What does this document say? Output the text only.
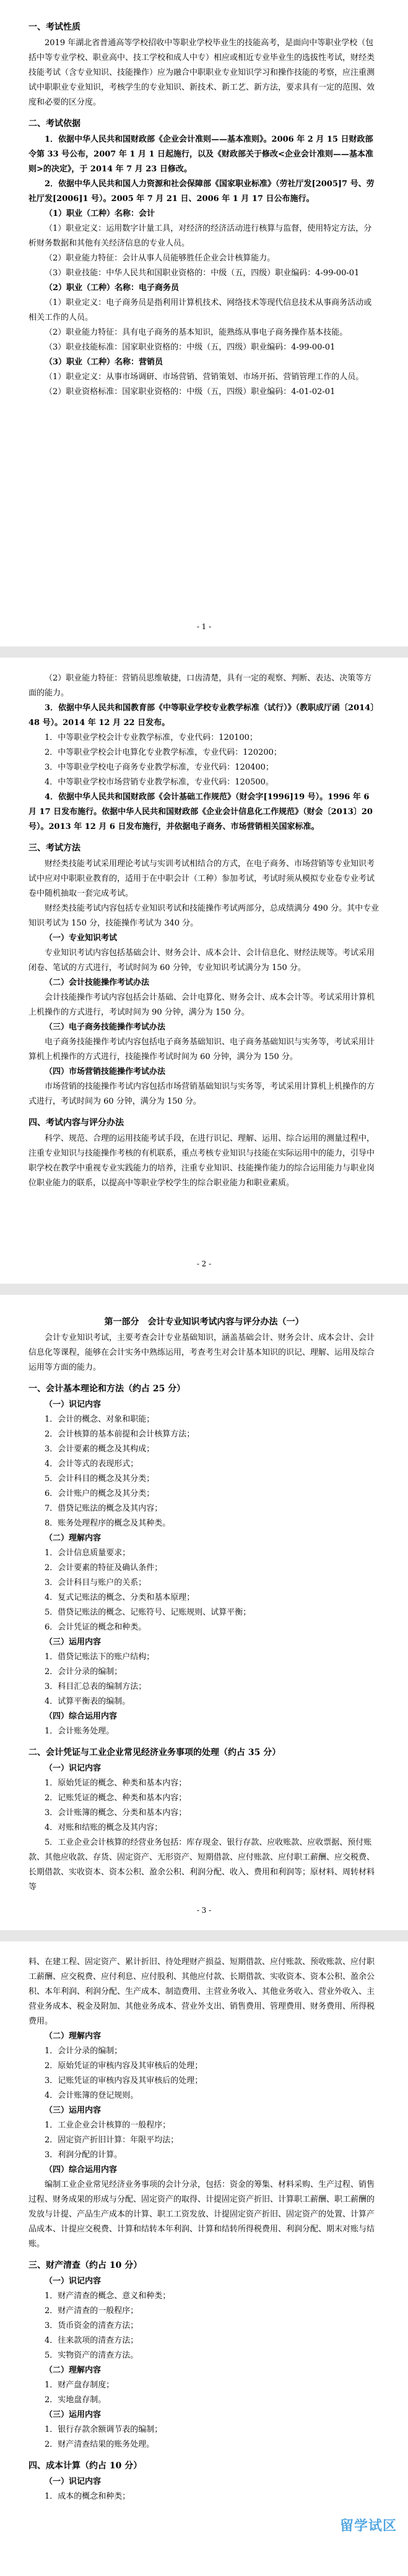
一、考试性质

2019 年湖北省普通高等学校招收中等职业学校毕业生的技能高考，是面向中等职业学校（包括中等专业学校、职业高中、技工学校和成人中专）相应或相近专业毕业生的选拔性考试，财经类技能考试（含专业知识、技能操作）应为融合中职职业专业知识学习和操作技能的考察，应注重测试中职职业专业知识，考核学生的专业知识、新技术、新工艺、新方法，要求具有一定的范围、效度和必要的区分度。

二、考试依据

1．依据中华人民共和国财政部《企业会计准则——基本准则》。2006 年 2 月 15 日财政部令第 33 号公布，2007 年 1 月 1 日起施行，以及《财政部关于修改<企业会计准则——基本准则>的决定》，于 2014 年 7 月 23 日修改。

2．依据中华人民共和国人力资源和社会保障部《国家职业标准》（劳社厅发[2005]7 号、劳社厅发[2006]1 号）。2005 年 7 月 21 日、2006 年 1 月 17 日公布施行。

（1）职业（工种）名称：会计

（1）职业定义：运用数字计量工具，对经济的经济活动进行核算与监督，使用特定方法，分析财务数据和其他有关经济信息的专业人员。

（2）职业能力特征：会计从事人员能够胜任企业会计核算能力。

（3）职业技能：中华人民共和国职业资格的：中级（五，四级）职业编码：4-99-00-01

（2）职业（工种）名称：电子商务员

（1）职业定义：电子商务员是指利用计算机技术、网络技术等现代信息技术从事商务活动或相关工作的人员。

（2）职业能力特征：具有电子商务的基本知识，能熟练从事电子商务操作基本技能。

（3）职业技能标准：国家职业资格的：中级（五，四级）职业编码：4-99-00-01

（3）职业（工种）名称：营销员

（1）职业定义：从事市场调研、市场营销、营销策划、市场开拓、营销管理工作的人员。

（2）职业资格标准：国家职业资格的：中级（五，四级）职业编码：4-01-02-01

- 1 -

（2）职业能力特征：营销员思维敏捷，口齿清楚，具有一定的观察、判断、表达、决策等方面的能力。

3．依据中华人民共和国教育部《中等职业学校专业教学标准（试行）》（教职成厅函〔2014〕48 号）。2014 年 12 月 22 日发布。

1．中等职业学校会计专业教学标准，专业代码：120100；

2．中等职业学校会计电算化专业教学标准，专业代码：120200；

3．中等职业学校电子商务专业教学标准，专业代码：120400；

4．中等职业学校市场营销专业教学标准，专业代码：120500。

4．依据中华人民共和国财政部《会计基础工作规范》（财会字[1996]19 号）。1996 年 6 月 17 日发布施行。依据中华人民共和国财政部《企业会计信息化工作规范》（财会〔2013〕20 号）。2013 年 12 月 6 日发布施行，并依据电子商务、市场营销相关国家标准。

三、考试方法

财经类技能考试采用理论考试与实训考试相结合的方式，在电子商务、市场营销等专业知识考试中应对中职职业教育的，适用于在中职会计（工种）参加考试，考试时须从模拟专业卷专业考试卷中随机抽取一套完成考试。

财经类技能考试内容包括专业知识考试和技能操作考试两部分，总成绩满分 490 分。其中专业知识考试为 150 分，技能操作考试为 340 分。

（一）专业知识考试

专业知识考试内容包括基础会计、财务会计、成本会计、会计信息化、财经法规等。考试采用闭卷、笔试的方式进行，考试时间为 60 分钟，专业知识考试满分为 150 分。

（二）会计技能操作考试办法

会计技能操作考试内容包括会计基础、会计电算化、财务会计、成本会计等。考试采用计算机上机操作的方式进行，考试时间为 90 分钟，满分为 150 分。

（三）电子商务技能操作考试办法

电子商务技能操作考试内容包括电子商务基础知识、电子商务基础知识与实务等，考试采用计算机上机操作的方式进行，技能操作考试时间为 60 分钟，满分为 150 分。

（四）市场营销技能操作考试办法

市场营销的技能操作考试内容包括市场营销基础知识与实务等，考试采用计算机上机操作的方式进行，考试时间为 60 分钟，满分为 150 分。

四、考试内容与评分办法

科学、规范、合理的运用技能考试手段，在进行识记、理解、运用、综合运用的测量过程中，注重专业知识与技能操作考核的有机联系，重点考核专业知识与技能在实际运用中的能力，引导中职学校在教学中重视专业实践能力的培养，注重专业知识、技能操作能力的综合运用能力与职业岗位职业能力的联系，以提高中等职业学校学生的综合职业能力和职业素质。

- 2 -

第一部分　会计专业知识考试内容与评分办法（一）

会计专业知识考试，主要考查会计专业基础知识，涵盖基础会计、财务会计、成本会计、会计信息化等课程，能够在会计实务中熟练运用，考查考生对会计基本知识的识记、理解、运用及综合运用等方面的能力。

一、会计基本理论和方法（约占 25 分）

（一）识记内容

1．会计的概念、对象和职能；

2．会计核算的基本前提和会计核算方法；

3．会计要素的概念及其构成；

4．会计等式的表现形式；

5．会计科目的概念及其分类；

6．会计账户的概念及其分类；

7．借贷记账法的概念及其内容；

8．账务处理程序的概念及其种类。

（二）理解内容

1．会计信息质量要求；

2．会计要素的特征及确认条件；

3．会计科目与账户的关系；

4．复式记账法的概念、分类和基本原理；

5．借贷记账法的概念、记账符号、记账规则、试算平衡；

6．会计凭证的概念和种类。

（三）运用内容

1．借贷记账法下的账户结构；

2．会计分录的编制；

3．科目汇总表的编制方法；

4．试算平衡表的编制。

（四）综合运用内容

1．会计账务处理。

二、会计凭证与工业企业常见经济业务事项的处理（约占 35 分）

（一）识记内容

1．原始凭证的概念、种类和基本内容；

2．记账凭证的概念、种类和基本内容；

3．会计账簿的概念、分类和基本内容；

4．对账和结账的概念及其内容；

5．工业企业会计核算的经营业务包括：库存现金、银行存款、应收账款、应收票据、预付账款、其他应收款、存货、固定资产、无形资产、短期借款、应付账款、应付职工薪酬、应交税费、长期借款、实收资本、资本公积、盈余公积、利润分配、收入、费用和利润等；原材料、周转材料等

- 3 -

料、在建工程、固定资产、累计折旧、待处理财产损益、短期借款、应付账款、预收账款、应付职工薪酬、应交税费、应付利息、应付股利、其他应付款、长期借款、实收资本、资本公积、盈余公积、本年利润、利润分配、生产成本、制造费用、主营业务收入、其他业务收入、营业外收入、主营业务成本、税金及附加、其他业务成本、营业外支出、销售费用、管理费用、财务费用、所得税费用。

（二）理解内容

1．会计分录的编制；

2．原始凭证的审核内容及其审核后的处理；

3．记账凭证的审核内容及其审核后的处理；

4．会计账簿的登记规则。

（三）运用内容

1．工业企业会计核算的一般程序；

2．固定资产折旧计算：年限平均法；

3．利润分配的计算。

（四）综合运用内容

编制工业企业常见经济业务事项的会计分录，包括：资金的筹集、材料采购、生产过程、销售过程、财务成果的形成与分配、固定资产的取得、计提固定资产折旧、计算职工薪酬、职工薪酬的发放与计提、产品生产成本的计算、职工工资发放、计提固定资产折旧、固定资产的处置、计算产品成本、计提应交税费、计算和结转本年利润、计算和结转所得税费用、利润分配、期末对账与结账。

三、财产清查（约占 10 分）

（一）识记内容

1．财产清查的概念、意义和种类；

2．财产清查的一般程序；

3．货币资金的清查方法；

4．往来款项的清查方法；

5．实物资产的清查方法。

（二）理解内容

1．财产盘存制度；

2．实地盘存制。

（三）运用内容

1．银行存款余额调节表的编制；

2．财产清查结果的账务处理。

四、成本计算（约占 10 分）

（一）识记内容

1．成本的概念和种类；

留学试区
